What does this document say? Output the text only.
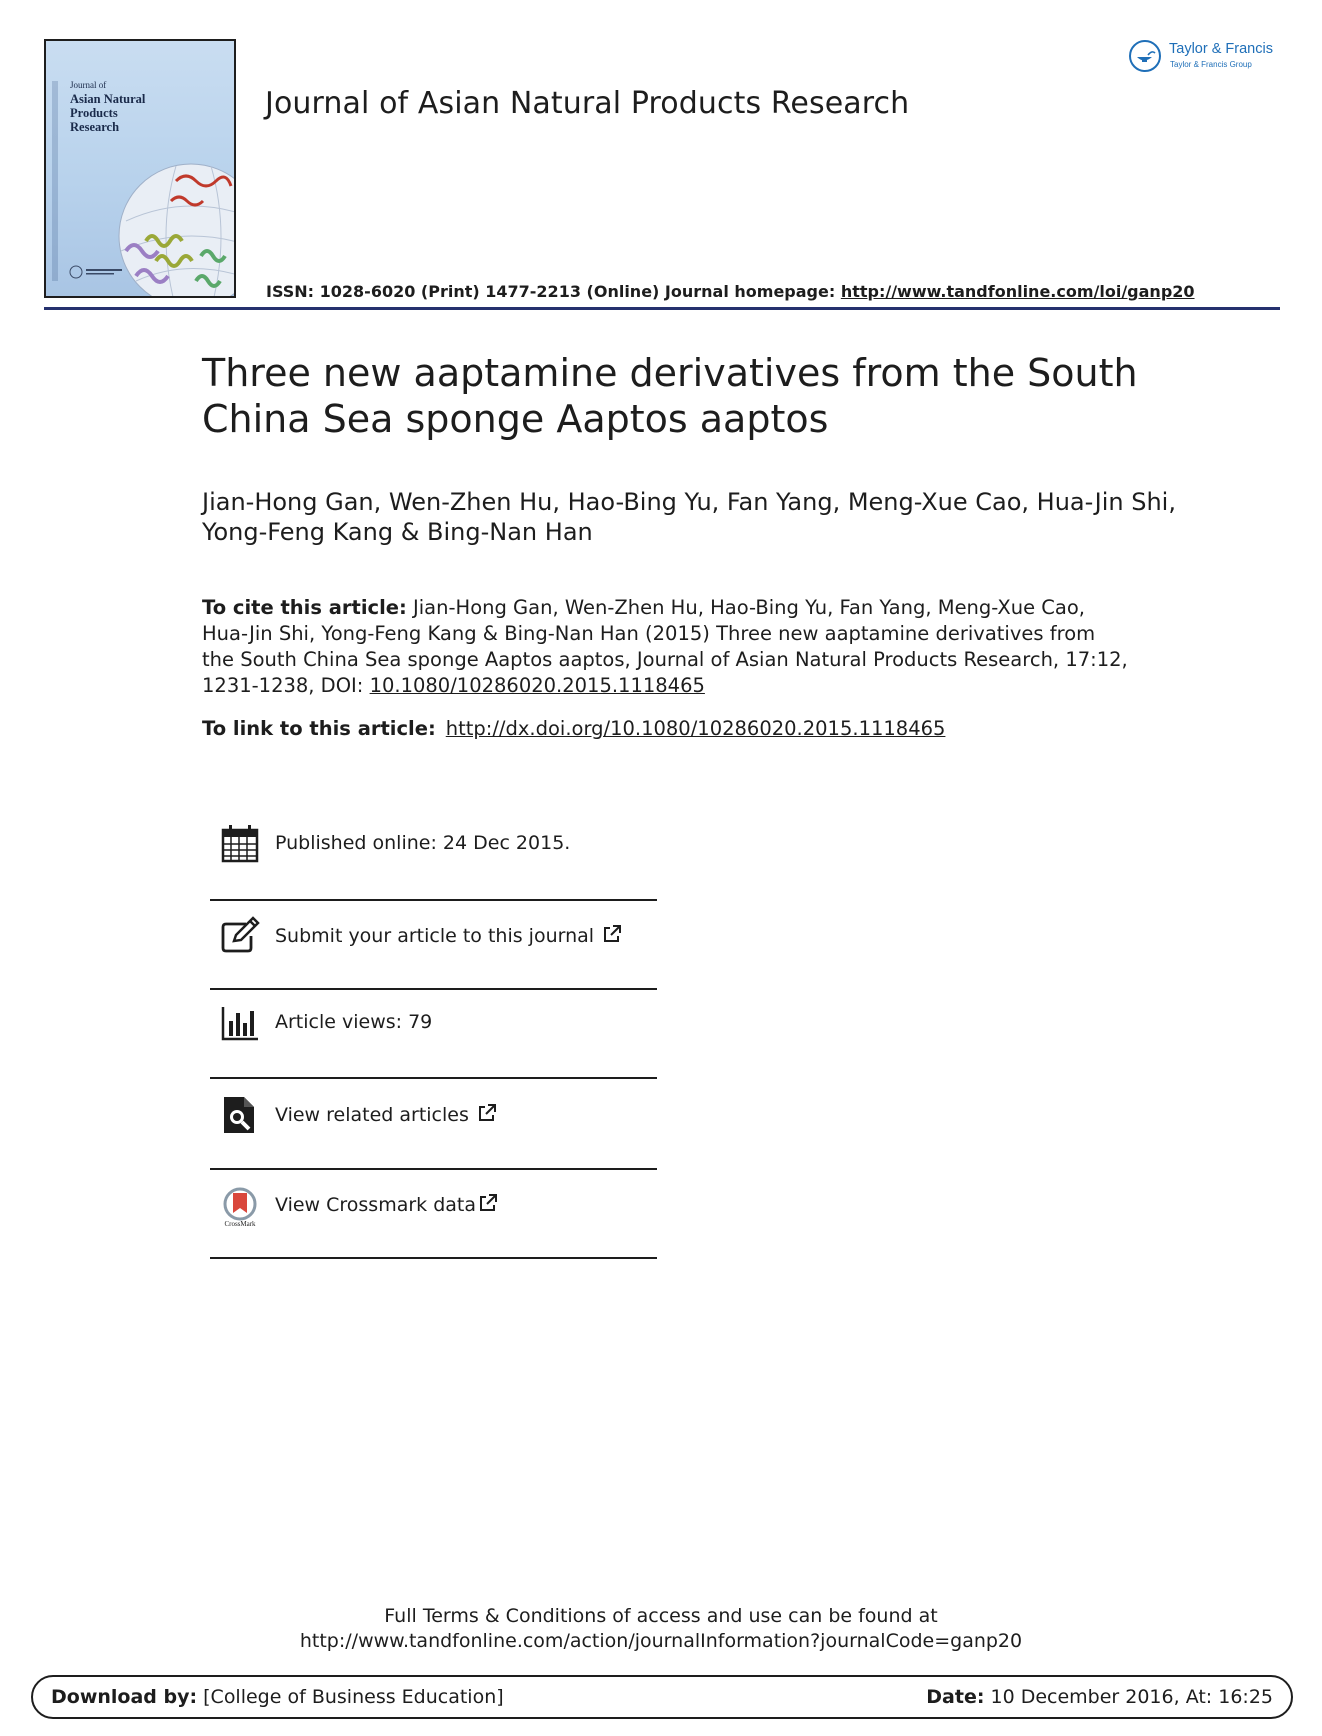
Journal of
Asian Natural
Products
Research
Journal of Asian Natural Products Research
Taylor & Francis
Taylor & Francis Group
ISSN: 1028-6020 (Print) 1477-2213 (Online) Journal homepage: http://www.tandfonline.com/loi/ganp20
Three new aaptamine derivatives from the South China Sea sponge Aaptos aaptos
Jian-Hong Gan, Wen-Zhen Hu, Hao-Bing Yu, Fan Yang, Meng-Xue Cao, Hua-Jin Shi, Yong-Feng Kang & Bing-Nan Han
To cite this article: Jian-Hong Gan, Wen-Zhen Hu, Hao-Bing Yu, Fan Yang, Meng-Xue Cao, Hua-Jin Shi, Yong-Feng Kang & Bing-Nan Han (2015) Three new aaptamine derivatives from the South China Sea sponge Aaptos aaptos, Journal of Asian Natural Products Research, 17:12, 1231-1238, DOI: 10.1080/10286020.2015.1118465
To link to this article: http://dx.doi.org/10.1080/10286020.2015.1118465
Published online: 24 Dec 2015.
Submit your article to this journal
Article views: 79
View related articles
CrossMark
View Crossmark data
Full Terms & Conditions of access and use can be found at
http://www.tandfonline.com/action/journalInformation?journalCode=ganp20
Download by: [College of Business Education]	Date: 10 December 2016, At: 16:25
